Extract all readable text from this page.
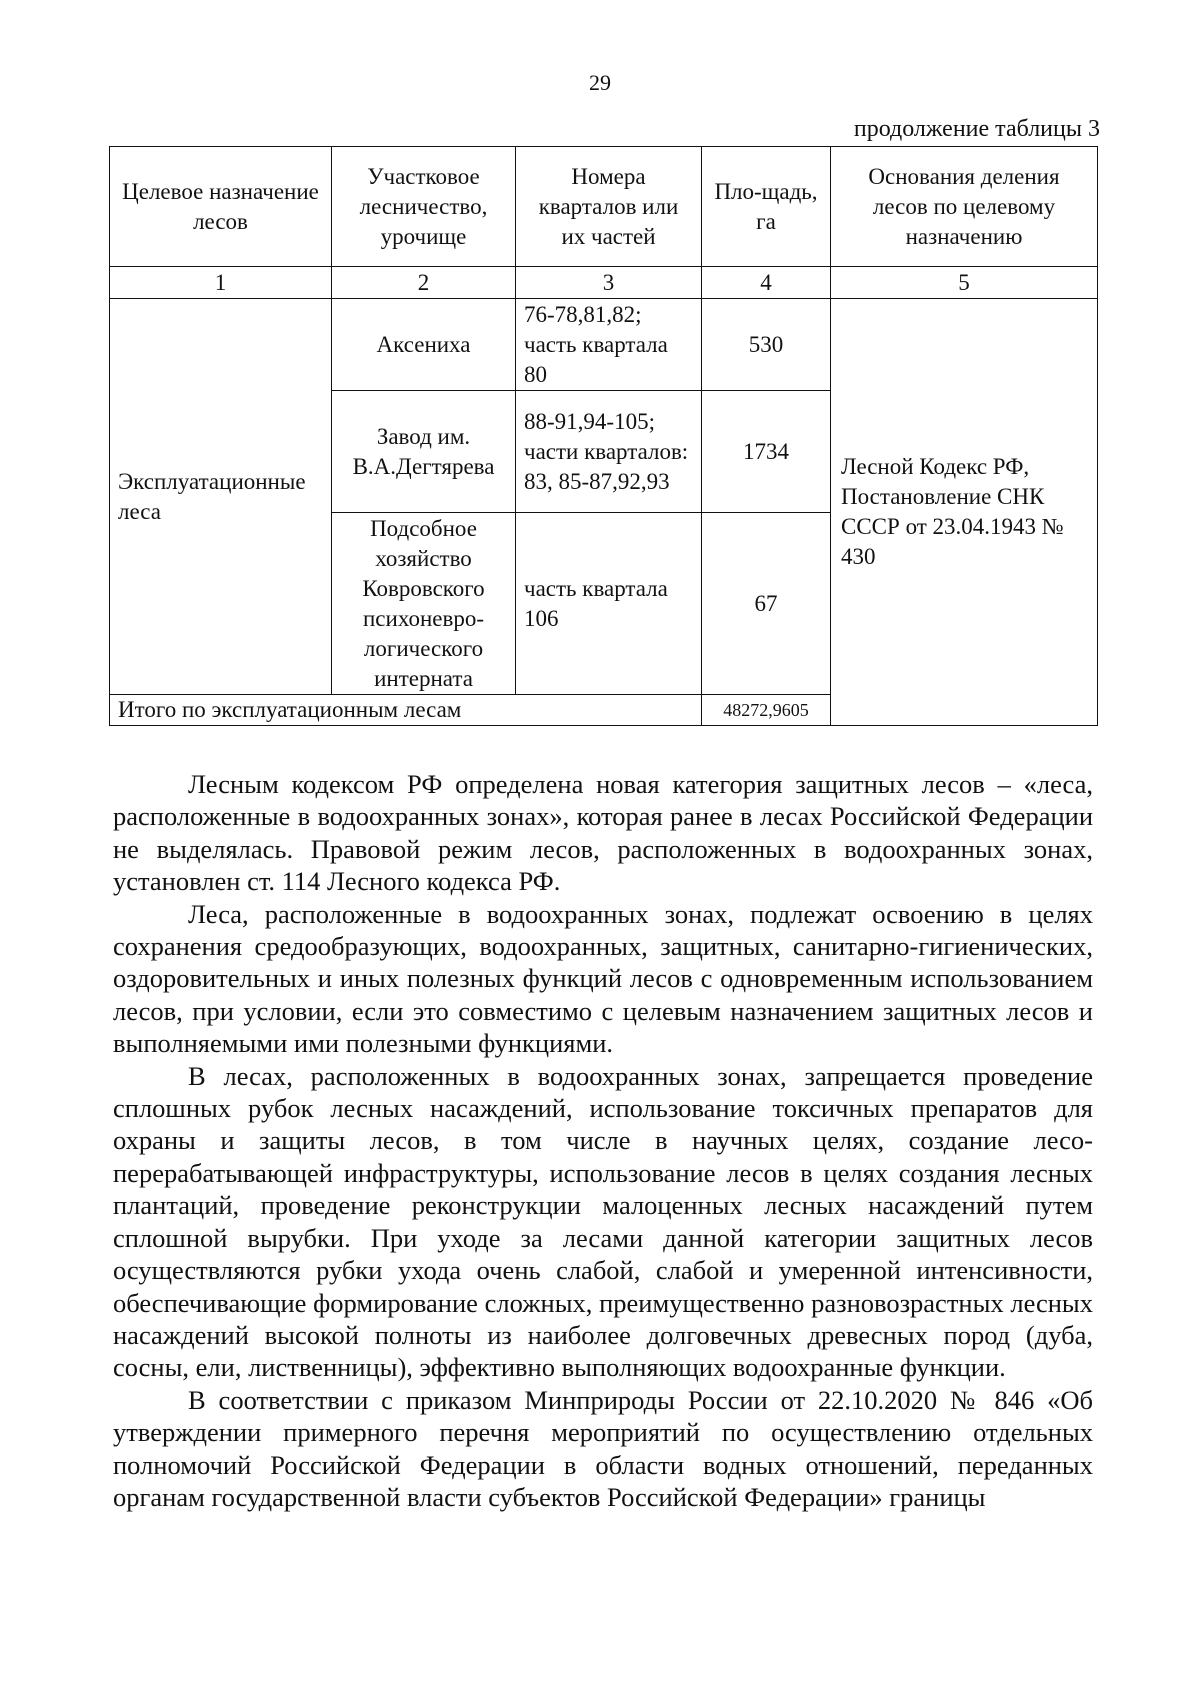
29
продолжение таблицы 3
Целевое назначение лесов	Участковое лесничество, урочище	Номера кварталов или их частей	Пло-щадь, га	Основания деления лесов по целевому назначению
1	2	3	4	5
Эксплуатационные леса	Аксениха	76-78,81,82; часть квартала 80	530	Лесной Кодекс РФ, Постановление СНК СССР от 23.04.1943 № 430
	Завод им. В.А.Дегтярева	88-91,94-105; части кварталов: 83, 85-87,92,93	1734	
	Подсобное хозяйство Ковровского психоневро-логического интерната	часть квартала 106	67	
Итого по эксплуатационным лесам			48272,9605	

Лесным кодексом РФ определена новая категория защитных лесов – «леса, расположенные в водоохранных зонах», которая ранее в лесах Российской Федерации не выделялась. Правовой режим лесов, расположенных в водоохранных зонах, установлен ст. 114 Лесного кодекса РФ.

Леса, расположенные в водоохранных зонах, подлежат освоению в целях сохранения средообразующих, водоохранных, защитных, санитарно-гигиенических, оздоровительных и иных полезных функций лесов с одновременным использованием лесов, при условии, если это совместимо с целевым назначением защитных лесов и выполняемыми ими полезными функциями.

В лесах, расположенных в водоохранных зонах, запрещается проведение сплошных рубок лесных насаждений, использование токсичных препаратов для охраны и защиты лесов, в том числе в научных целях, создание лесо-перерабатывающей инфраструктуры, использование лесов в целях создания лесных плантаций, проведение реконструкции малоценных лесных насаждений путем сплошной вырубки. При уходе за лесами данной категории защитных лесов осуществляются рубки ухода очень слабой, слабой и умеренной интенсивности, обеспечивающие формирование сложных, преимущественно разновозрастных лесных насаждений высокой полноты из наиболее долговечных древесных пород (дуба, сосны, ели, лиственницы), эффективно выполняющих водоохранные функции.

В соответствии с приказом Минприроды России от 22.10.2020 № 846 «Об утверждении примерного перечня мероприятий по осуществлению отдельных полномочий Российской Федерации в области водных отношений, переданных органам государственной власти субъектов Российской Федерации» границы
